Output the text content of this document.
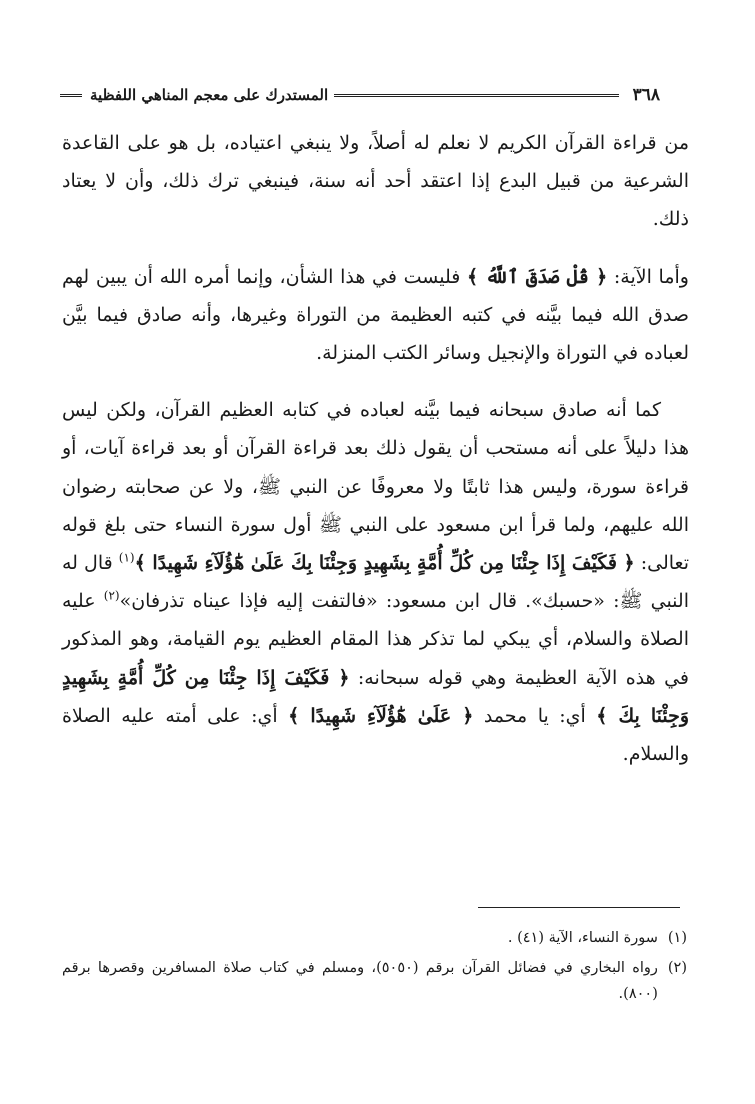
٣٦٨
المستدرك على معجم المناهي اللفظية

من قراءة القرآن الكريم لا نعلم له أصلاً، ولا ينبغي اعتياده، بل هو على القاعدة الشرعية من قبيل البدع إذا اعتقد أحد أنه سنة، فينبغي ترك ذلك، وأن لا يعتاد ذلك.

وأما الآية: ﴿ قُلْ صَدَقَ ٱللَّهُ ﴾ فليست في هذا الشأن، وإنما أمره الله أن يبين لهم صدق الله فيما بيَّنه في كتبه العظيمة من التوراة وغيرها، وأنه صادق فيما بيَّن لعباده في التوراة والإنجيل وسائر الكتب المنزلة.

كما أنه صادق سبحانه فيما بيَّنه لعباده في كتابه العظيم القرآن، ولكن ليس هذا دليلاً على أنه مستحب أن يقول ذلك بعد قراءة القرآن أو بعد قراءة آيات، أو قراءة سورة، وليس هذا ثابتًا ولا معروفًا عن النبي ﷺ، ولا عن صحابته رضوان الله عليهم، ولما قرأ ابن مسعود على النبي ﷺ أول سورة النساء حتى بلغ قوله تعالى: ﴿ فَكَيْفَ إِذَا جِئْنَا مِن كُلِّ أُمَّةٍ بِشَهِيدٍ وَجِئْنَا بِكَ عَلَىٰ هَٰٓؤُلَآءِ شَهِيدًا ﴾$^{(١)}$ قال له النبي ﷺ: «حسبك». قال ابن مسعود: «فالتفت إليه فإذا عيناه تذرفان»$^{(٢)}$ عليه الصلاة والسلام، أي يبكي لما تذكر هذا المقام العظيم يوم القيامة، وهو المذكور في هذه الآية العظيمة وهي قوله سبحانه: ﴿ فَكَيْفَ إِذَا جِئْنَا مِن كُلِّ أُمَّةٍ بِشَهِيدٍ وَجِئْنَا بِكَ ﴾ أي: يا محمد ﴿ عَلَىٰ هَٰٓؤُلَآءِ شَهِيدًا ﴾ أي: على أمته عليه الصلاة والسلام.

(١)
سورة النساء، الآية (٤١) .
(٢)
رواه البخاري في فضائل القرآن برقم (٥٠٥٠)، ومسلم في كتاب صلاة المسافرين وقصرها برقم (٨٠٠).
